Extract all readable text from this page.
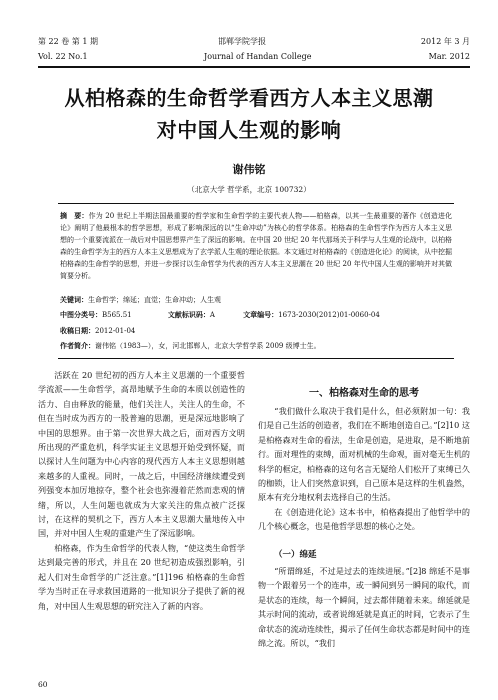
第 22 卷 第 1 期	邯郸学院学报	2012 年 3 月
Vol. 22 No.1	Journal of Handan College	Mar. 2012
从柏格森的生命哲学看西方人本主义思潮
对中国人生观的影响
谢伟铭
（北京大学 哲学系，北京 100732）
摘　要：作为 20 世纪上半期法国最重要的哲学家和生命哲学的主要代表人物——柏格森，以其一生最重要的著作《创造进化论》阐明了他最根本的哲学思想，形成了影响深远的以“生命冲动”为核心的哲学体系。柏格森的生命哲学作为西方人本主义思想的一个重要流派在一战后对中国思想界产生了深远的影响。在中国 20 世纪 20 年代那场关于科学与人生观的论战中，以柏格森的生命哲学为主的西方人本主义思想成为了玄学派人生观的理论依据。本文通过对柏格森的《创造进化论》的阅读，从中挖掘柏格森的生命哲学的思想，并进一步探讨以生命哲学为代表的西方人本主义思潮在 20 世纪 20 年代中国人生观的影响并对其做简要分析。
关键词：生命哲学；绵延；直觉；生命冲动；人生观
中图分类号：B565.51	文献标识码：A	文章编号：1673-2030(2012)01-0060-04
收稿日期：2012-01-04
作者简介：谢伟铭（1983—），女，河北邯郸人，北京大学哲学系 2009 级博士生。

活跃在 20 世纪初的西方人本主义思潮的一个重要哲学流派——生命哲学，高昂地赋予生命的本质以创造性的活力、自由释放的能量，他们关注人，关注人的生命，不但在当时成为西方的一股普遍的思潮，更是深远地影响了中国的思想界。由于第一次世界大战之后，面对西方文明所出现的严重危机，科学实证主义思想开始受到怀疑，而以探讨人生问题为中心内容的现代西方人本主义思想则越来越多的人重视。同时，一战之后，中国经济继续遭受到列强变本加厉地掠夺，整个社会也弥漫着茫然而悲观的情绪，所以，人生问题也就成为大家关注的焦点被广泛探讨，在这样的契机之下，西方人本主义思潮大量地传入中国，并对中国人生观的重建产生了深远影响。

柏格森，作为生命哲学的代表人物，“使这类生命哲学达到最完善的形式，并且在 20 世纪初造成强烈影响，引起人们对生命哲学的广泛注意。”[1]196 柏格森的生命哲学为当时正在寻求救国道路的一批知识分子提供了新的视角，对中国人生观思想的研究注入了新的内容。

一、柏格森对生命的思考

“我们做什么取决于我们是什么，但必须附加一句：我们是自己生活的创造者，我们在不断地创造自己。”[2]10 这是柏格森对生命的看法，生命是创造，是进取，是不断地前行。面对理性的束缚，面对机械的生命观，面对毫无生机的科学的框定，柏格森的这句名言无疑给人们松开了束缚已久的枷锁，让人们突然意识到，自己原本是这样的生机盎然，原本有充分地权利去选择自己的生活。

在《创造进化论》这本书中，柏格森提出了他哲学中的几个核心概念，也是他哲学思想的核心之处。

（一）绵延

“所谓绵延，不过是过去的连续进展。”[2]8 绵延不是事物一个跟着另一个的连串，或一瞬间到另一瞬间的取代，而是状态的连续，每一个瞬间，过去都伴随着未来。绵延就是其示时间的流动，或者说绵延就是真正的时间，它表示了生命状态的流动连续性，揭示了任何生命状态都是时间中的连绵之流。所以，“我们

60
